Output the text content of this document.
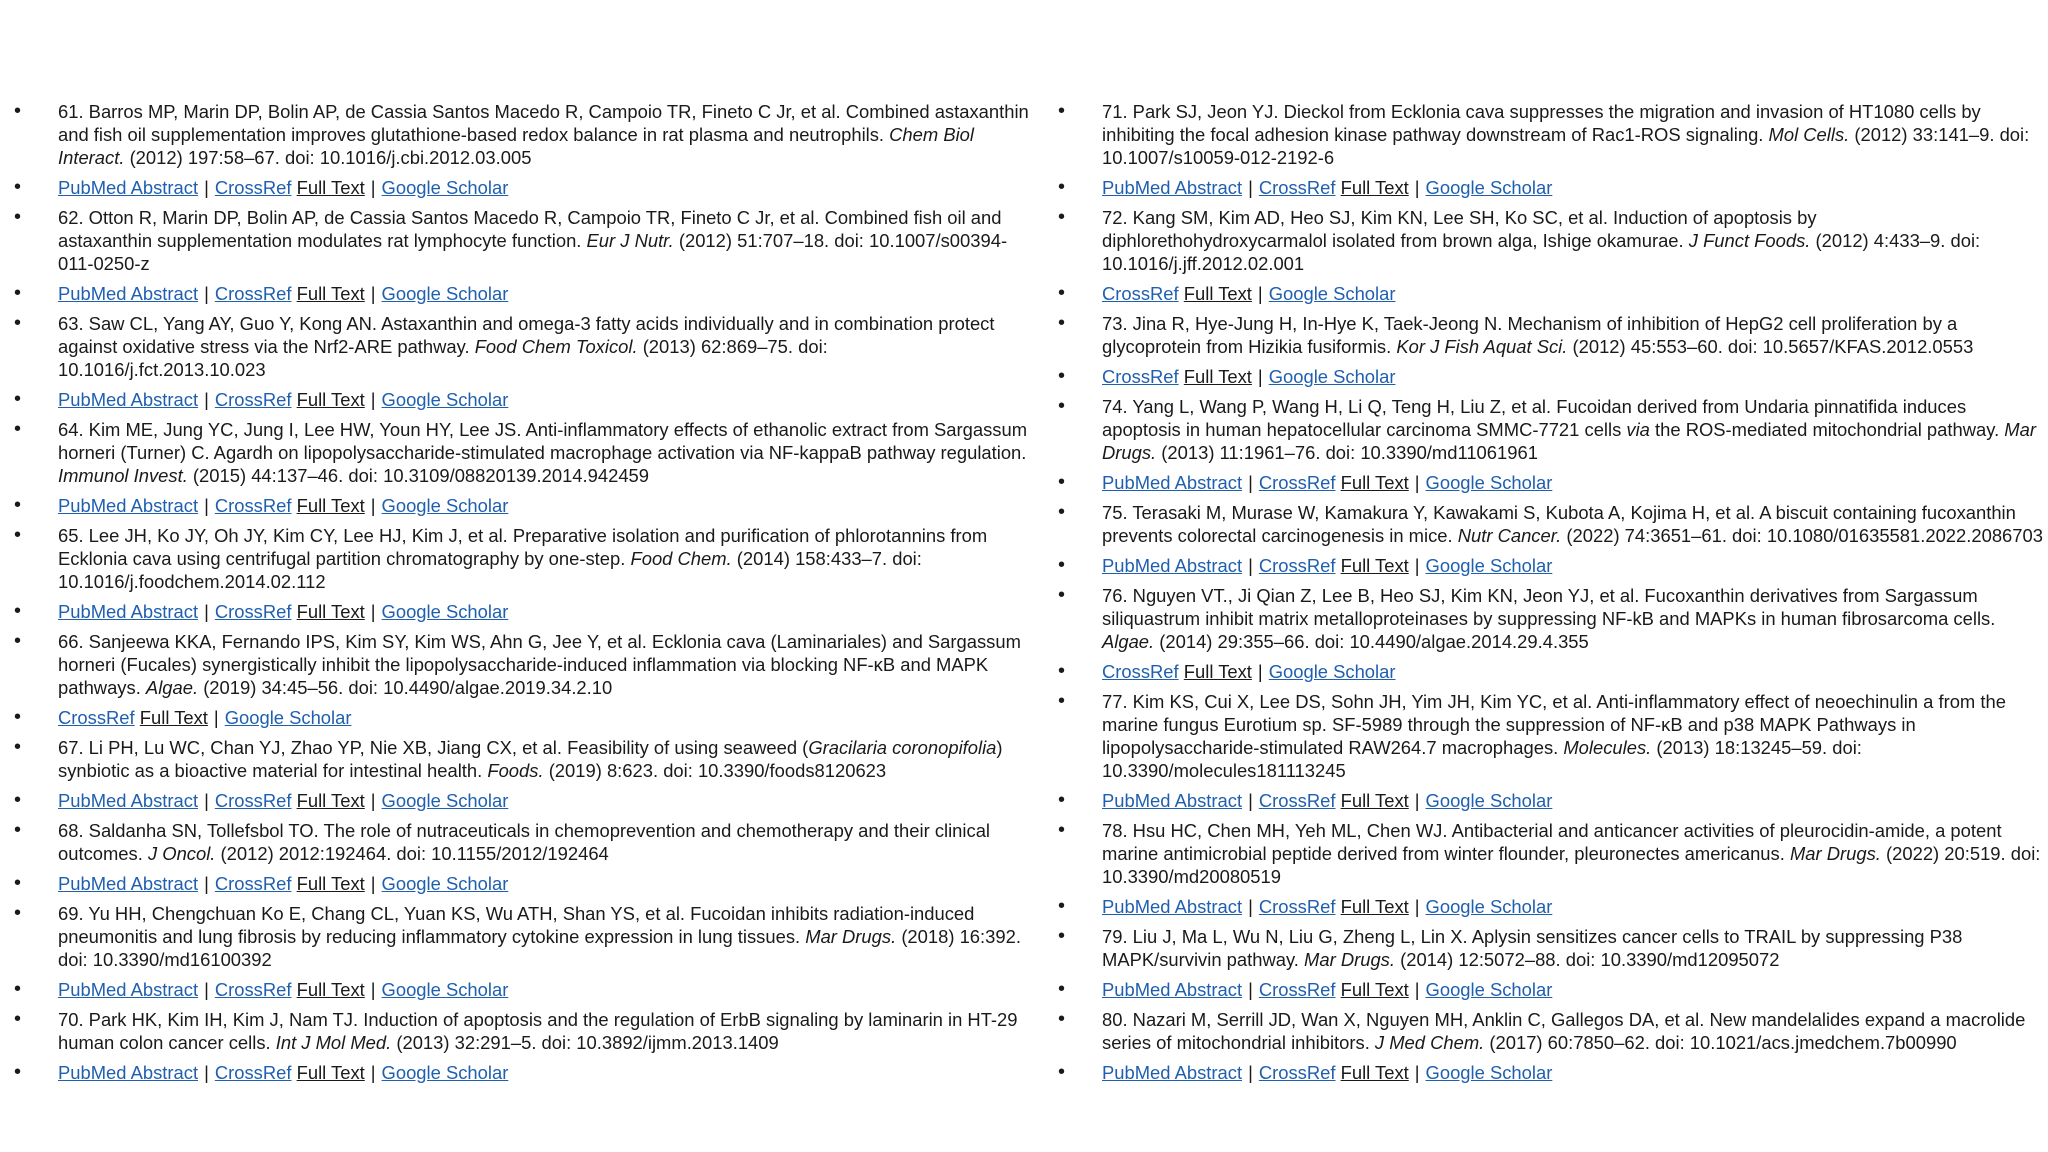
• 61. Barros MP, Marin DP, Bolin AP, de Cassia Santos Macedo R, Campoio TR, Fineto C Jr, et al. Combined astaxanthin and fish oil supplementation improves glutathione-based redox balance in rat plasma and neutrophils. Chem Biol Interact. (2012) 197:58–67. doi: 10.1016/j.cbi.2012.03.005
• PubMed Abstract | CrossRef Full Text | Google Scholar
• 62. Otton R, Marin DP, Bolin AP, de Cassia Santos Macedo R, Campoio TR, Fineto C Jr, et al. Combined fish oil and astaxanthin supplementation modulates rat lymphocyte function. Eur J Nutr. (2012) 51:707–18. doi: 10.1007/s00394-011-0250-z
• PubMed Abstract | CrossRef Full Text | Google Scholar
• 63. Saw CL, Yang AY, Guo Y, Kong AN. Astaxanthin and omega-3 fatty acids individually and in combination protect against oxidative stress via the Nrf2-ARE pathway. Food Chem Toxicol. (2013) 62:869–75. doi: 10.1016/j.fct.2013.10.023
• PubMed Abstract | CrossRef Full Text | Google Scholar
• 64. Kim ME, Jung YC, Jung I, Lee HW, Youn HY, Lee JS. Anti-inflammatory effects of ethanolic extract from Sargassum horneri (Turner) C. Agardh on lipopolysaccharide-stimulated macrophage activation via NF-kappaB pathway regulation. Immunol Invest. (2015) 44:137–46. doi: 10.3109/08820139.2014.942459
• PubMed Abstract | CrossRef Full Text | Google Scholar
• 65. Lee JH, Ko JY, Oh JY, Kim CY, Lee HJ, Kim J, et al. Preparative isolation and purification of phlorotannins from Ecklonia cava using centrifugal partition chromatography by one-step. Food Chem. (2014) 158:433–7. doi: 10.1016/j.foodchem.2014.02.112
• PubMed Abstract | CrossRef Full Text | Google Scholar
• 66. Sanjeewa KKA, Fernando IPS, Kim SY, Kim WS, Ahn G, Jee Y, et al. Ecklonia cava (Laminariales) and Sargassum horneri (Fucales) synergistically inhibit the lipopolysaccharide-induced inflammation via blocking NF-κB and MAPK pathways. Algae. (2019) 34:45–56. doi: 10.4490/algae.2019.34.2.10
• CrossRef Full Text | Google Scholar
• 67. Li PH, Lu WC, Chan YJ, Zhao YP, Nie XB, Jiang CX, et al. Feasibility of using seaweed (Gracilaria coronopifolia) synbiotic as a bioactive material for intestinal health. Foods. (2019) 8:623. doi: 10.3390/foods8120623
• PubMed Abstract | CrossRef Full Text | Google Scholar
• 68. Saldanha SN, Tollefsbol TO. The role of nutraceuticals in chemoprevention and chemotherapy and their clinical outcomes. J Oncol. (2012) 2012:192464. doi: 10.1155/2012/192464
• PubMed Abstract | CrossRef Full Text | Google Scholar
• 69. Yu HH, Chengchuan Ko E, Chang CL, Yuan KS, Wu ATH, Shan YS, et al. Fucoidan inhibits radiation-induced pneumonitis and lung fibrosis by reducing inflammatory cytokine expression in lung tissues. Mar Drugs. (2018) 16:392. doi: 10.3390/md16100392
• PubMed Abstract | CrossRef Full Text | Google Scholar
• 70. Park HK, Kim IH, Kim J, Nam TJ. Induction of apoptosis and the regulation of ErbB signaling by laminarin in HT-29 human colon cancer cells. Int J Mol Med. (2013) 32:291–5. doi: 10.3892/ijmm.2013.1409
• PubMed Abstract | CrossRef Full Text | Google Scholar
• 71. Park SJ, Jeon YJ. Dieckol from Ecklonia cava suppresses the migration and invasion of HT1080 cells by inhibiting the focal adhesion kinase pathway downstream of Rac1-ROS signaling. Mol Cells. (2012) 33:141–9. doi: 10.1007/s10059-012-2192-6
• PubMed Abstract | CrossRef Full Text | Google Scholar
• 72. Kang SM, Kim AD, Heo SJ, Kim KN, Lee SH, Ko SC, et al. Induction of apoptosis by diphlorethohydroxycarmalol isolated from brown alga, Ishige okamurae. J Funct Foods. (2012) 4:433–9. doi: 10.1016/j.jff.2012.02.001
• CrossRef Full Text | Google Scholar
• 73. Jina R, Hye-Jung H, In-Hye K, Taek-Jeong N. Mechanism of inhibition of HepG2 cell proliferation by a glycoprotein from Hizikia fusiformis. Kor J Fish Aquat Sci. (2012) 45:553–60. doi: 10.5657/KFAS.2012.0553
• CrossRef Full Text | Google Scholar
• 74. Yang L, Wang P, Wang H, Li Q, Teng H, Liu Z, et al. Fucoidan derived from Undaria pinnatifida induces apoptosis in human hepatocellular carcinoma SMMC-7721 cells via the ROS-mediated mitochondrial pathway. Mar Drugs. (2013) 11:1961–76. doi: 10.3390/md11061961
• PubMed Abstract | CrossRef Full Text | Google Scholar
• 75. Terasaki M, Murase W, Kamakura Y, Kawakami S, Kubota A, Kojima H, et al. A biscuit containing fucoxanthin prevents colorectal carcinogenesis in mice. Nutr Cancer. (2022) 74:3651–61. doi: 10.1080/01635581.2022.2086703
• PubMed Abstract | CrossRef Full Text | Google Scholar
• 76. Nguyen VT., Ji Qian Z, Lee B, Heo SJ, Kim KN, Jeon YJ, et al. Fucoxanthin derivatives from Sargassum siliquastrum inhibit matrix metalloproteinases by suppressing NF-kB and MAPKs in human fibrosarcoma cells. Algae. (2014) 29:355–66. doi: 10.4490/algae.2014.29.4.355
• CrossRef Full Text | Google Scholar
• 77. Kim KS, Cui X, Lee DS, Sohn JH, Yim JH, Kim YC, et al. Anti-inflammatory effect of neoechinulin a from the marine fungus Eurotium sp. SF-5989 through the suppression of NF-κB and p38 MAPK Pathways in lipopolysaccharide-stimulated RAW264.7 macrophages. Molecules. (2013) 18:13245–59. doi: 10.3390/molecules181113245
• PubMed Abstract | CrossRef Full Text | Google Scholar
• 78. Hsu HC, Chen MH, Yeh ML, Chen WJ. Antibacterial and anticancer activities of pleurocidin-amide, a potent marine antimicrobial peptide derived from winter flounder, pleuronectes americanus. Mar Drugs. (2022) 20:519. doi: 10.3390/md20080519
• PubMed Abstract | CrossRef Full Text | Google Scholar
• 79. Liu J, Ma L, Wu N, Liu G, Zheng L, Lin X. Aplysin sensitizes cancer cells to TRAIL by suppressing P38 MAPK/survivin pathway. Mar Drugs. (2014) 12:5072–88. doi: 10.3390/md12095072
• PubMed Abstract | CrossRef Full Text | Google Scholar
• 80. Nazari M, Serrill JD, Wan X, Nguyen MH, Anklin C, Gallegos DA, et al. New mandelalides expand a macrolide series of mitochondrial inhibitors. J Med Chem. (2017) 60:7850–62. doi: 10.1021/acs.jmedchem.7b00990
• PubMed Abstract | CrossRef Full Text | Google Scholar
